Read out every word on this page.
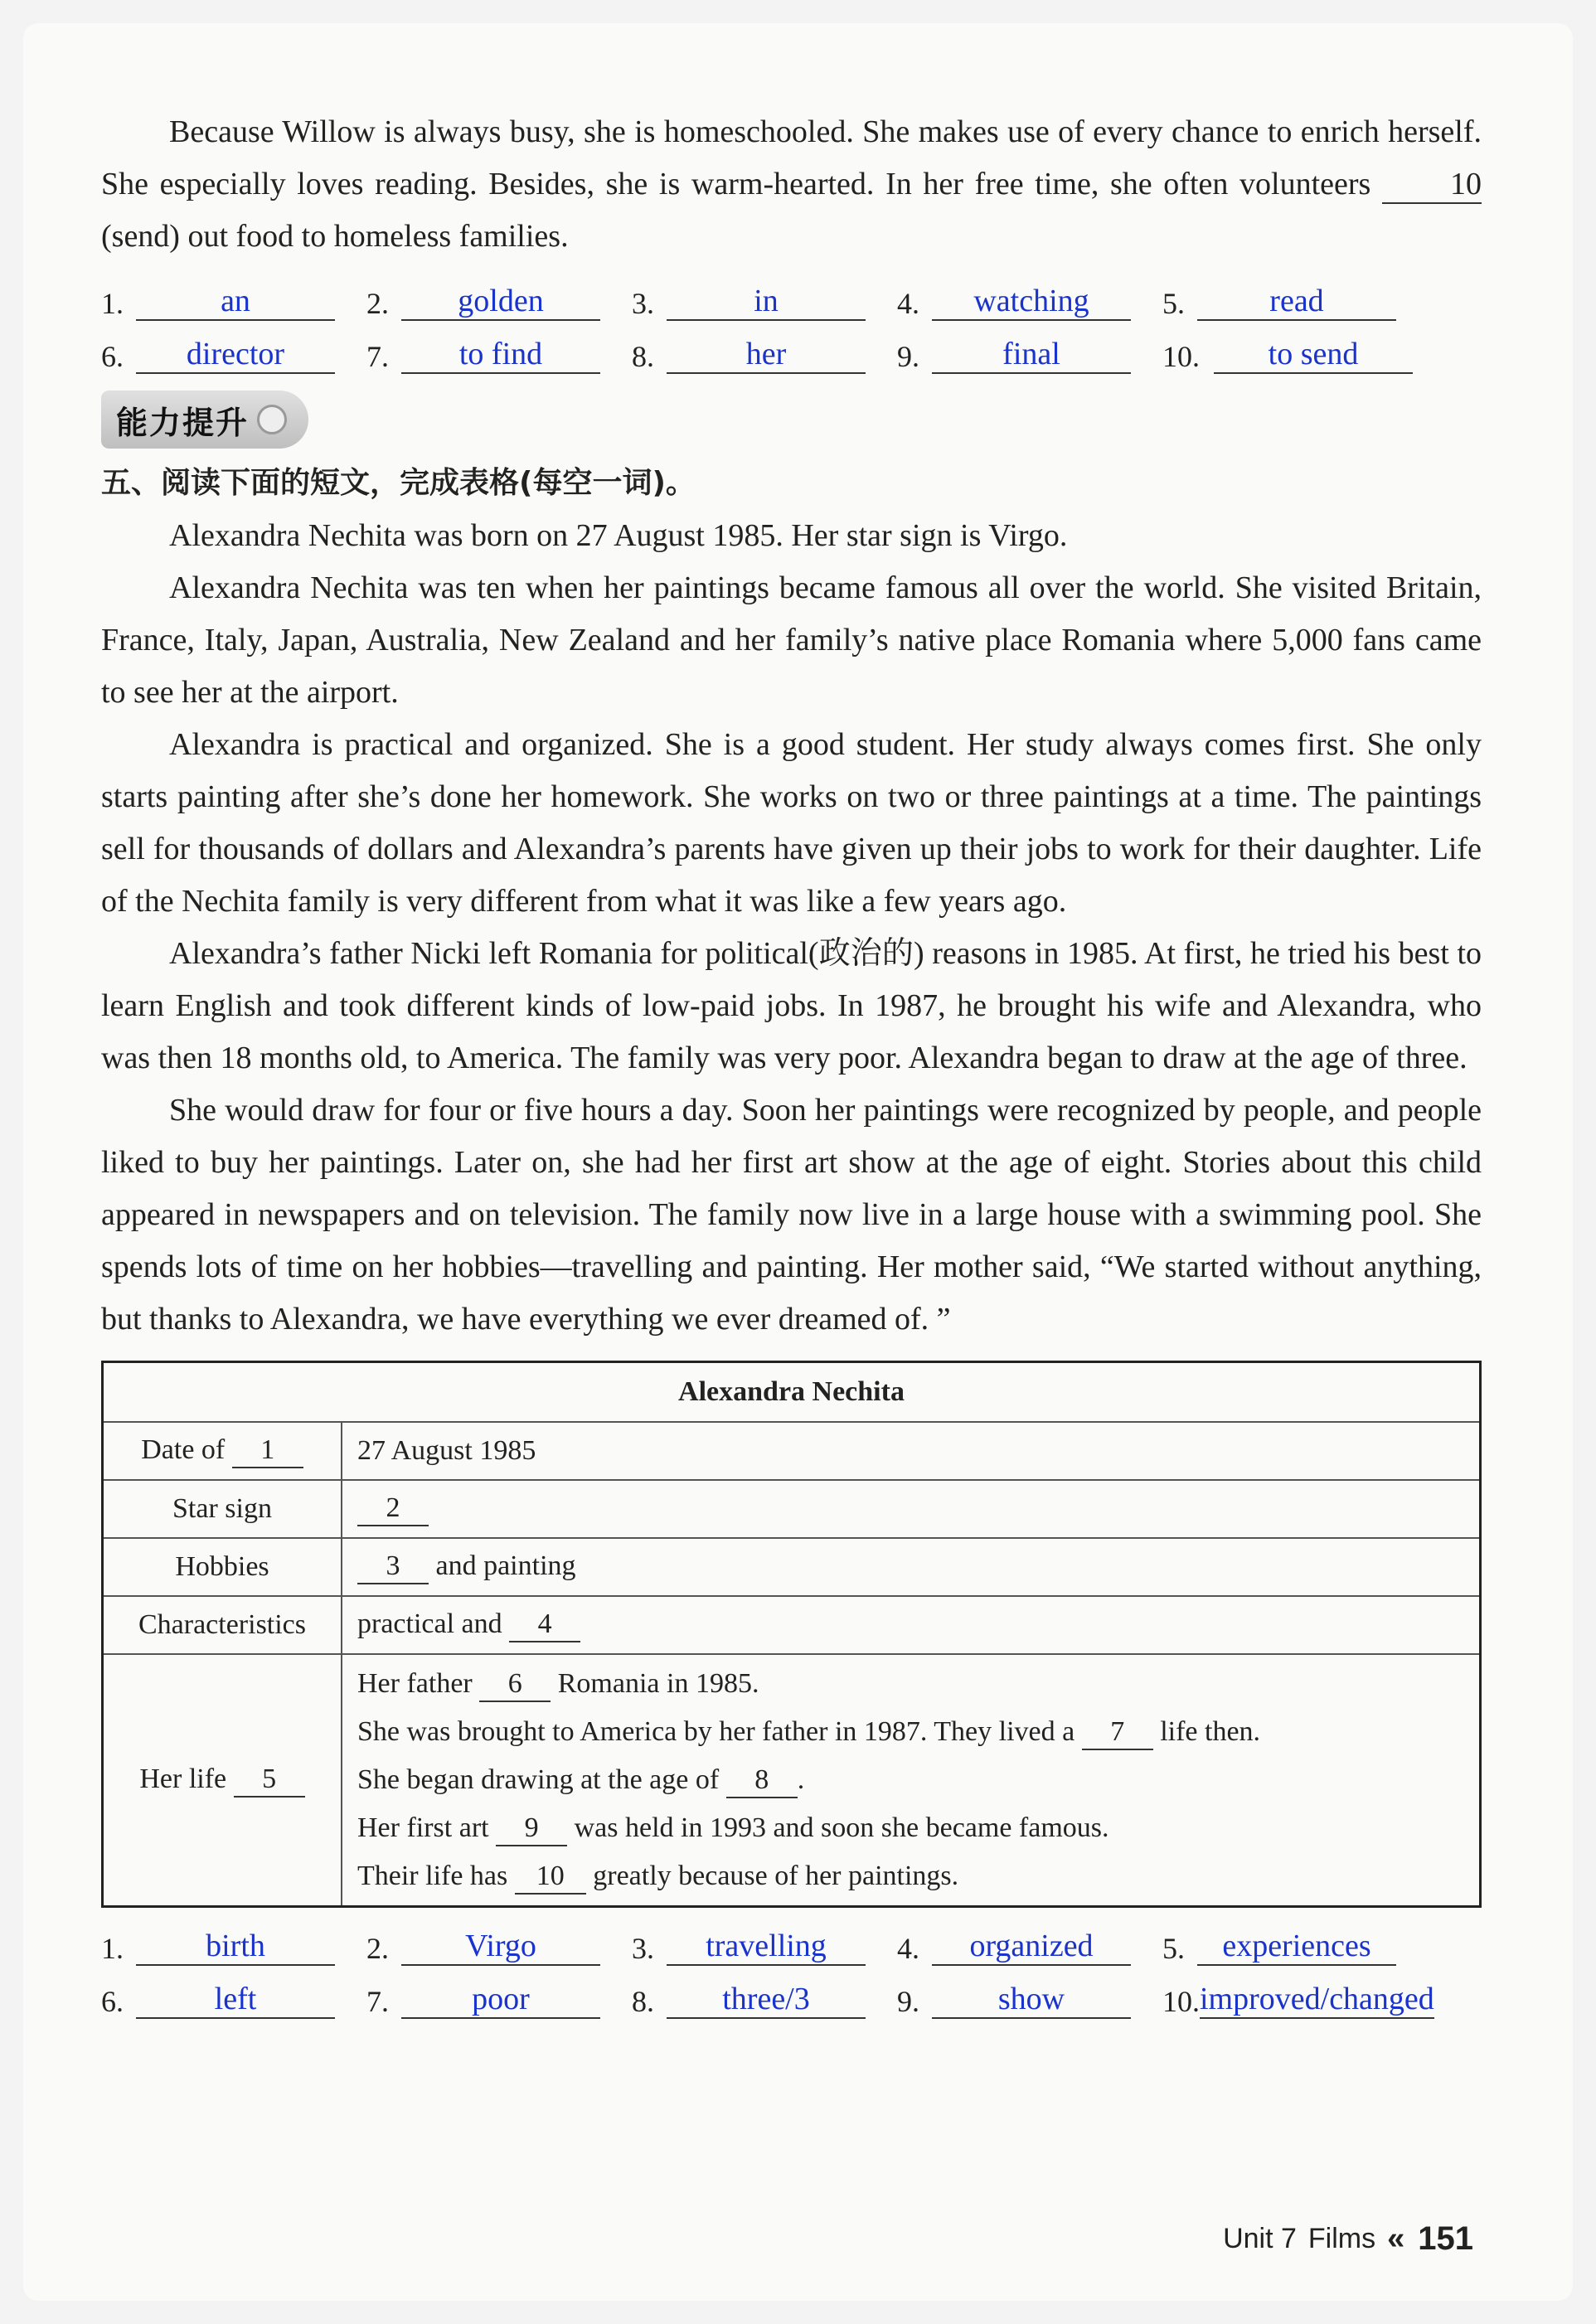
Because Willow is always busy, she is homeschooled. She makes use of every chance to enrich herself. She especially loves reading. Besides, she is warm-hearted. In her free time, she often volunteers	10 (send) out food to homeless families.

1.	an	2.	golden	3.	in	4.	watching	5.	read
6.	director	7.	to find	8.	her	9.	final	10.	to send
能力提升
五、阅读下面的短文，完成表格(每空一词)。

Alexandra Nechita was born on 27 August 1985. Her star sign is Virgo.

Alexandra Nechita was ten when her paintings became famous all over the world. She visited Britain, France, Italy, Japan, Australia, New Zealand and her family’s native place Romania where 5,000 fans came to see her at the airport.

Alexandra is practical and organized. She is a good student. Her study always comes first. She only starts painting after she’s done her homework. She works on two or three paintings at a time. The paintings sell for thousands of dollars and Alexandra’s parents have given up their jobs to work for their daughter. Life of the Nechita family is very different from what it was like a few years ago.

Alexandra’s father Nicki left Romania for political(政治的) reasons in 1985. At first, he tried his best to learn English and took different kinds of low-paid jobs. In 1987, he brought his wife and Alexandra, who was then 18 months old, to America. The family was very poor. Alexandra began to draw at the age of three.

She would draw for four or five hours a day. Soon her paintings were recognized by people, and people liked to buy her paintings. Later on, she had her first art show at the age of eight. Stories about this child appeared in newspapers and on television. The family now live in a large house with a swimming pool. She spends lots of time on her hobbies—travelling and painting. Her mother said, “We started without anything, but thanks to Alexandra, we have everything we ever dreamed of. ”

Alexandra Nechita	
Date of 1	27 August 1985
Star sign	2
Hobbies	3 and painting
Characteristics	practical and 4
Her life 5	Her father 6 Romania in 1985.
She was brought to America by her father in 1987. They lived a 7 life then.
She began drawing at the age of 8 .
Her first art 9 was held in 1993 and soon she became famous.
Their life has 10 greatly because of her paintings.
1.	birth	2.	Virgo	3.	travelling	4.	organized	5.	experiences
6.	left	7.	poor	8.	three/3	9.	show	10. improved/changed
Unit 7 Films « 151
